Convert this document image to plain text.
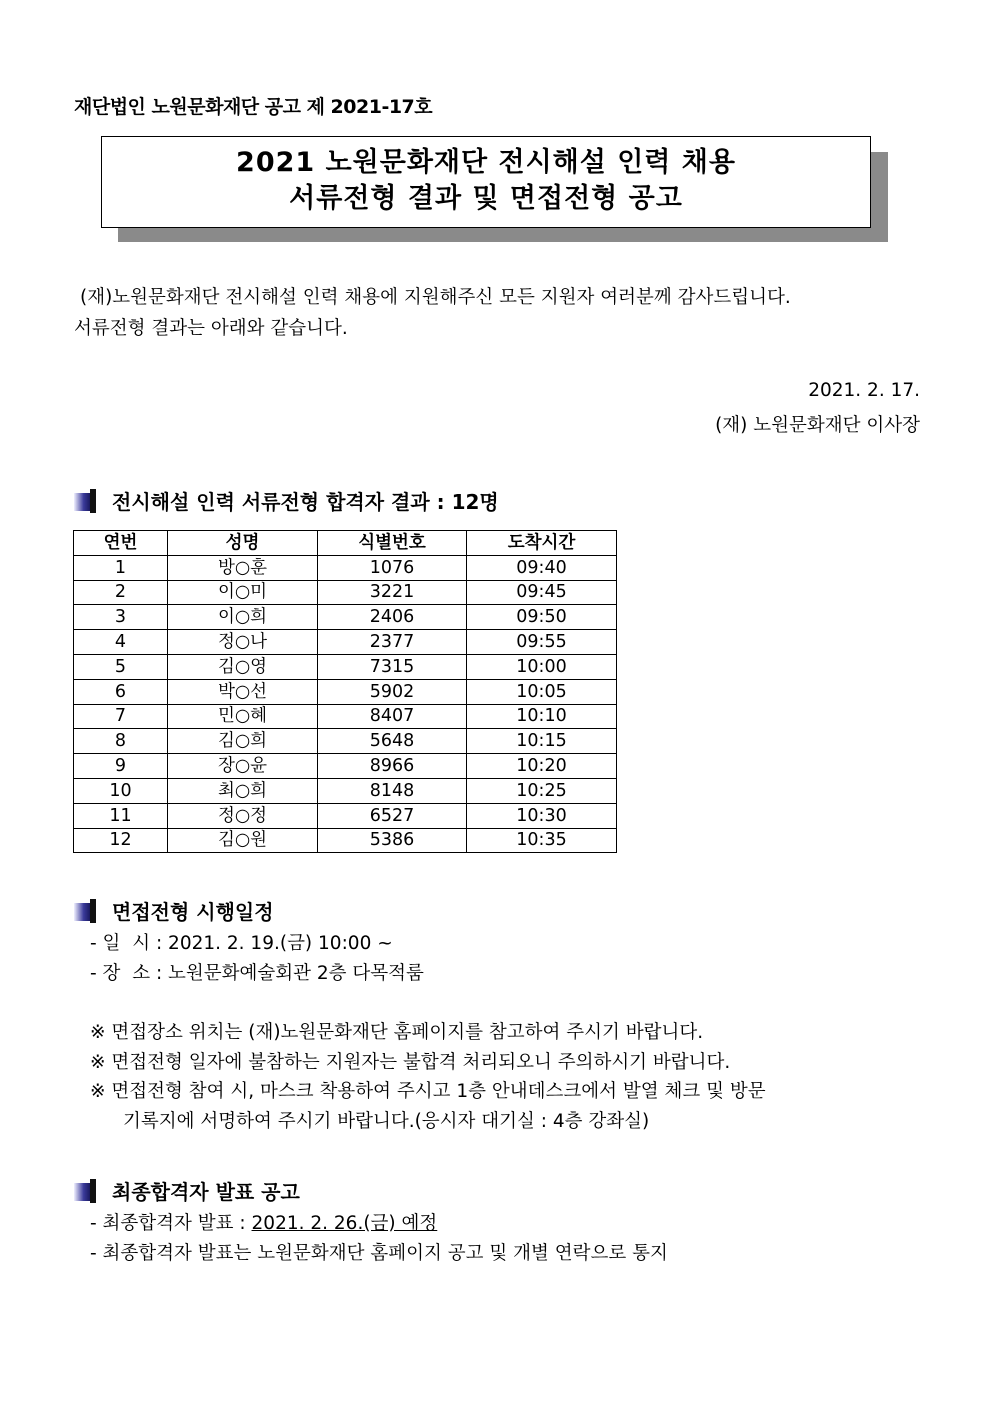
재단법인 노원문화재단 공고 제 2021-17호
2021 노원문화재단 전시해설 인력 채용
서류전형 결과 및 면접전형 공고

(재)노원문화재단 전시해설 인력 채용에 지원해주신 모든 지원자 여러분께 감사드립니다.

서류전형 결과는 아래와 같습니다.

2021. 2. 17.
(재) 노원문화재단 이사장
전시해설 인력 서류전형 합격자 결과 : 12명
연번	성명	식별번호	도착시간
1	방○훈	1076	09:40
2	이○미	3221	09:45
3	이○희	2406	09:50
4	정○나	2377	09:55
5	김○영	7315	10:00
6	박○선	5902	10:05
7	민○혜	8407	10:10
8	김○희	5648	10:15
9	장○윤	8966	10:20
10	최○희	8148	10:25
11	정○정	6527	10:30
12	김○원	5386	10:35
면접전형 시행일정

- 일  시 : 2021. 2. 19.(금) 10:00 ~

- 장  소 : 노원문화예술회관 2층 다목적룸

※ 면접장소 위치는 (재)노원문화재단 홈페이지를 참고하여 주시기 바랍니다.

※ 면접전형 일자에 불참하는 지원자는 불합격 처리되오니 주의하시기 바랍니다.

※ 면접전형 참여 시, 마스크 착용하여 주시고 1층 안내데스크에서 발열 체크 및 방문

기록지에 서명하여 주시기 바랍니다.(응시자 대기실 : 4층 강좌실)

최종합격자 발표 공고

- 최종합격자 발표 : 2021. 2. 26.(금) 예정

- 최종합격자 발표는 노원문화재단 홈페이지 공고 및 개별 연락으로 통지
